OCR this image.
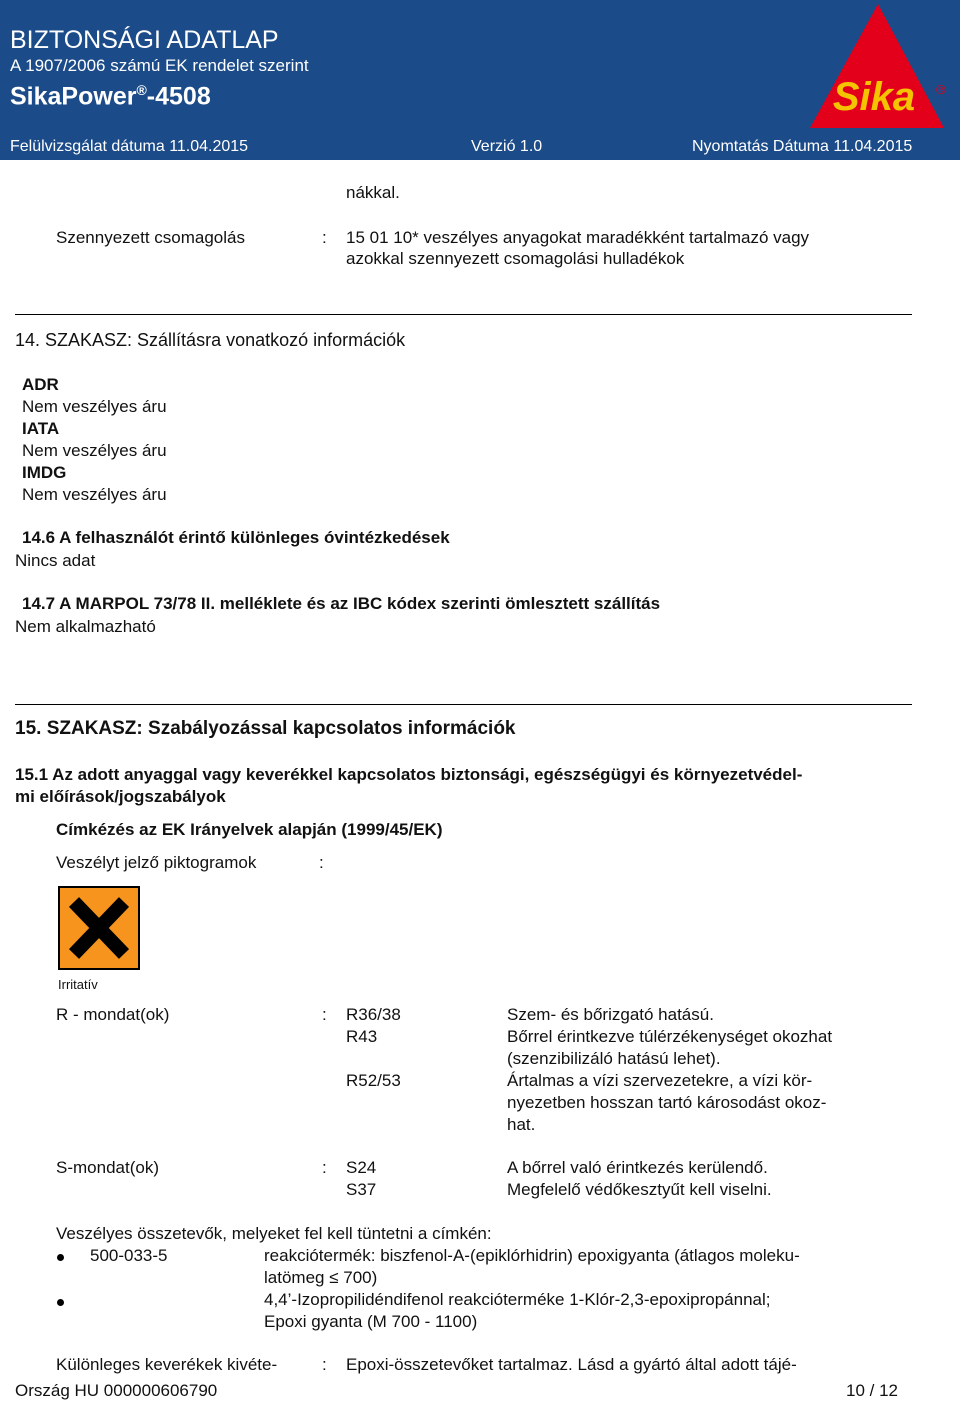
BIZTONSÁGI ADATLAP
A 1907/2006 számú EK rendelet szerint
SikaPower®-4508
Felülvizsgálat dátuma 11.04.2015	Verzió 1.0	Nyomtatás Dátuma 11.04.2015
Sika ®
nákkal.
Szennyezett csomagolás	: 15 01 10* veszélyes anyagokat maradékként tartalmazó vagy
azokkal szennyezett csomagolási hulladékok
14. SZAKASZ: Szállításra vonatkozó információk
ADR
Nem veszélyes áru
IATA
Nem veszélyes áru
IMDG
Nem veszélyes áru
14.6 A felhasználót érintő különleges óvintézkedések
Nincs adat
14.7 A MARPOL 73/78 II. melléklete és az IBC kódex szerinti ömlesztett szállítás
Nem alkalmazható
15. SZAKASZ: Szabályozással kapcsolatos információk
15.1 Az adott anyaggal vagy keverékkel kapcsolatos biztonsági, egészségügyi és környezetvédel-
mi előírások/jogszabályok
Címkézés az EK Irányelvek alapján (1999/45/EK)
Veszélyt jelző piktogramok	:
Irritatív
R - mondat(ok)	: R36/38	Szem- és bőrizgató hatású.
R43	Bőrrel érintkezve túlérzékenységet okozhat
(szenzibilizáló hatású lehet).
R52/53	Ártalmas a vízi szervezetekre, a vízi kör-
nyezetben hosszan tartó károsodást okoz-
hat.
S-mondat(ok)	: S24	A bőrrel való érintkezés kerülendő.
S37	Megfelelő védőkesztyűt kell viselni.
Veszélyes összetevők, melyeket fel kell tüntetni a címkén:
500-033-5	reakciótermék: biszfenol-A-(epiklórhidrin) epoxigyanta (átlagos moleku-
latömeg ≤ 700)
4,4’-Izopropilidéndifenol reakcióterméke 1-Klór-2,3-epoxipropánnal;
Epoxi gyanta (M 700 - 1100)
Különleges keverékek kivéte-	: Epoxi-összetevőket tartalmaz. Lásd a gyártó által adott tájé-
Ország HU 000000606790	10 / 12
